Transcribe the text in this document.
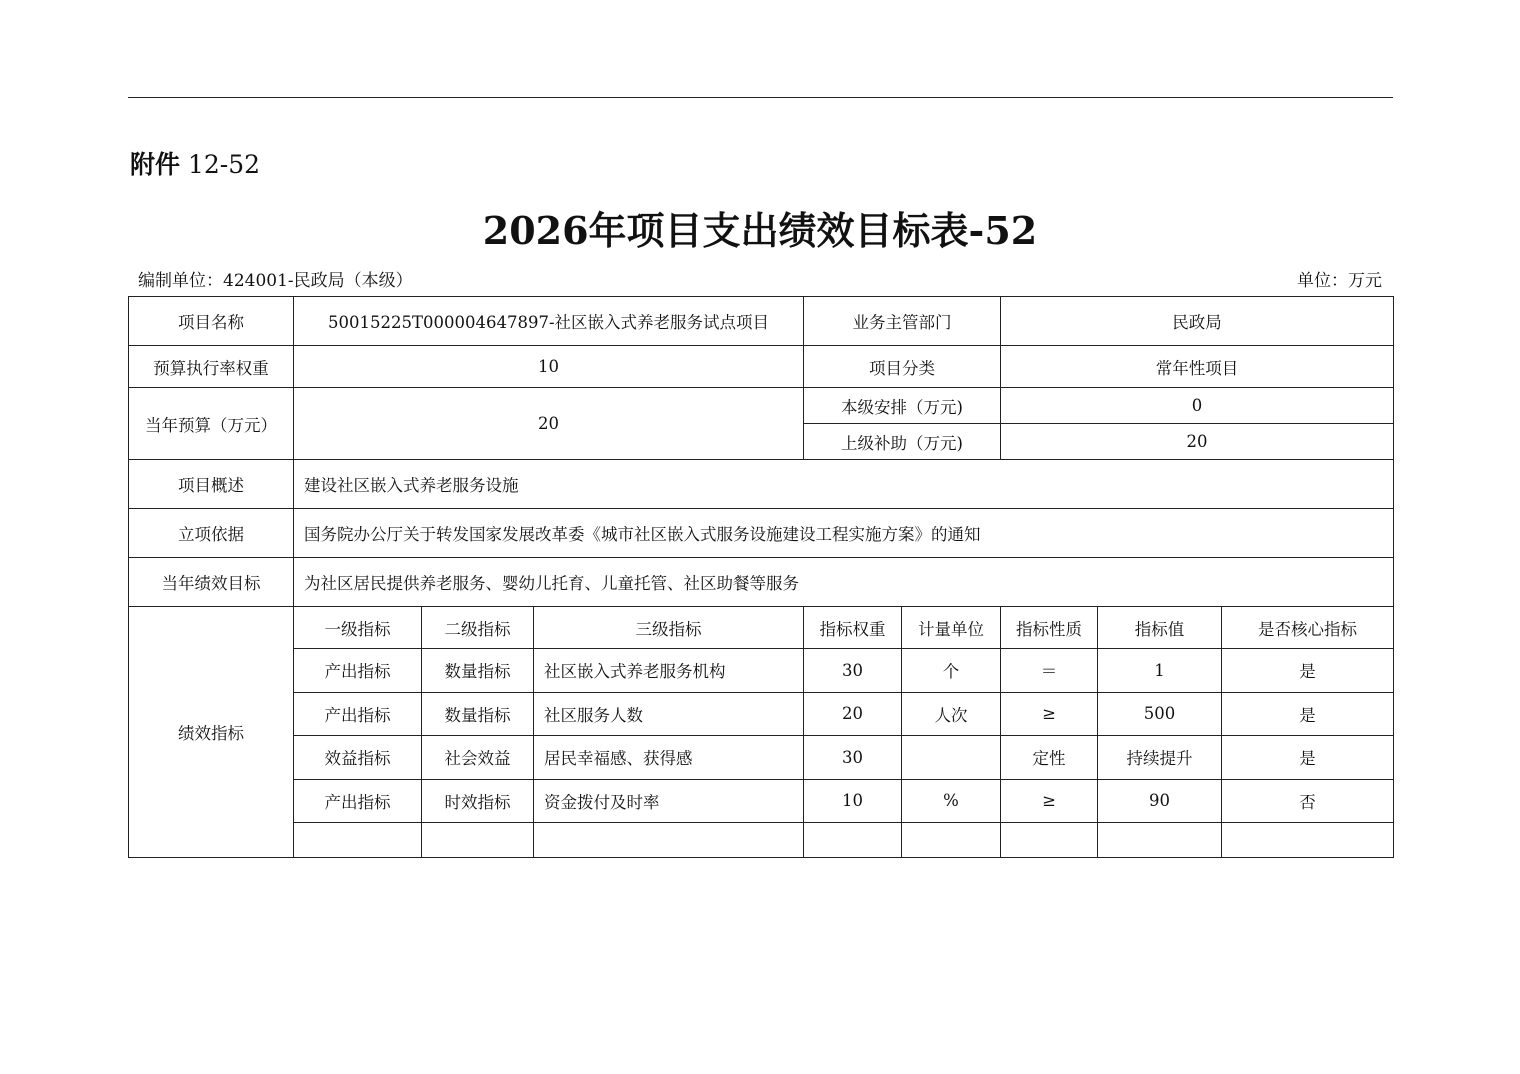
附件 12-52
2026年项目支出绩效目标表-52
编制单位：424001-民政局（本级）	单位：万元
项目名称	50015225T000004647897-社区嵌入式养老服务试点项目			业务主管部门		民政局		
预算执行率权重	10			项目分类		常年性项目		
当年预算（万元）	20			本级安排（万元)		0		
				上级补助（万元)		20		
项目概述	建设社区嵌入式养老服务设施							
立项依据	国务院办公厅关于转发国家发展改革委《城市社区嵌入式服务设施建设工程实施方案》的通知							
当年绩效目标	为社区居民提供养老服务、婴幼儿托育、儿童托管、社区助餐等服务							
绩效指标	一级指标	二级指标	三级指标	指标权重	计量单位	指标性质	指标值	是否核心指标
	产出指标	数量指标	社区嵌入式养老服务机构	30	个	＝	1	是
	产出指标	数量指标	社区服务人数	20	人次	≥	500	是
	效益指标	社会效益	居民幸福感、获得感	30		定性	持续提升	是
	产出指标	时效指标	资金拨付及时率	10	%	≥	90	否
